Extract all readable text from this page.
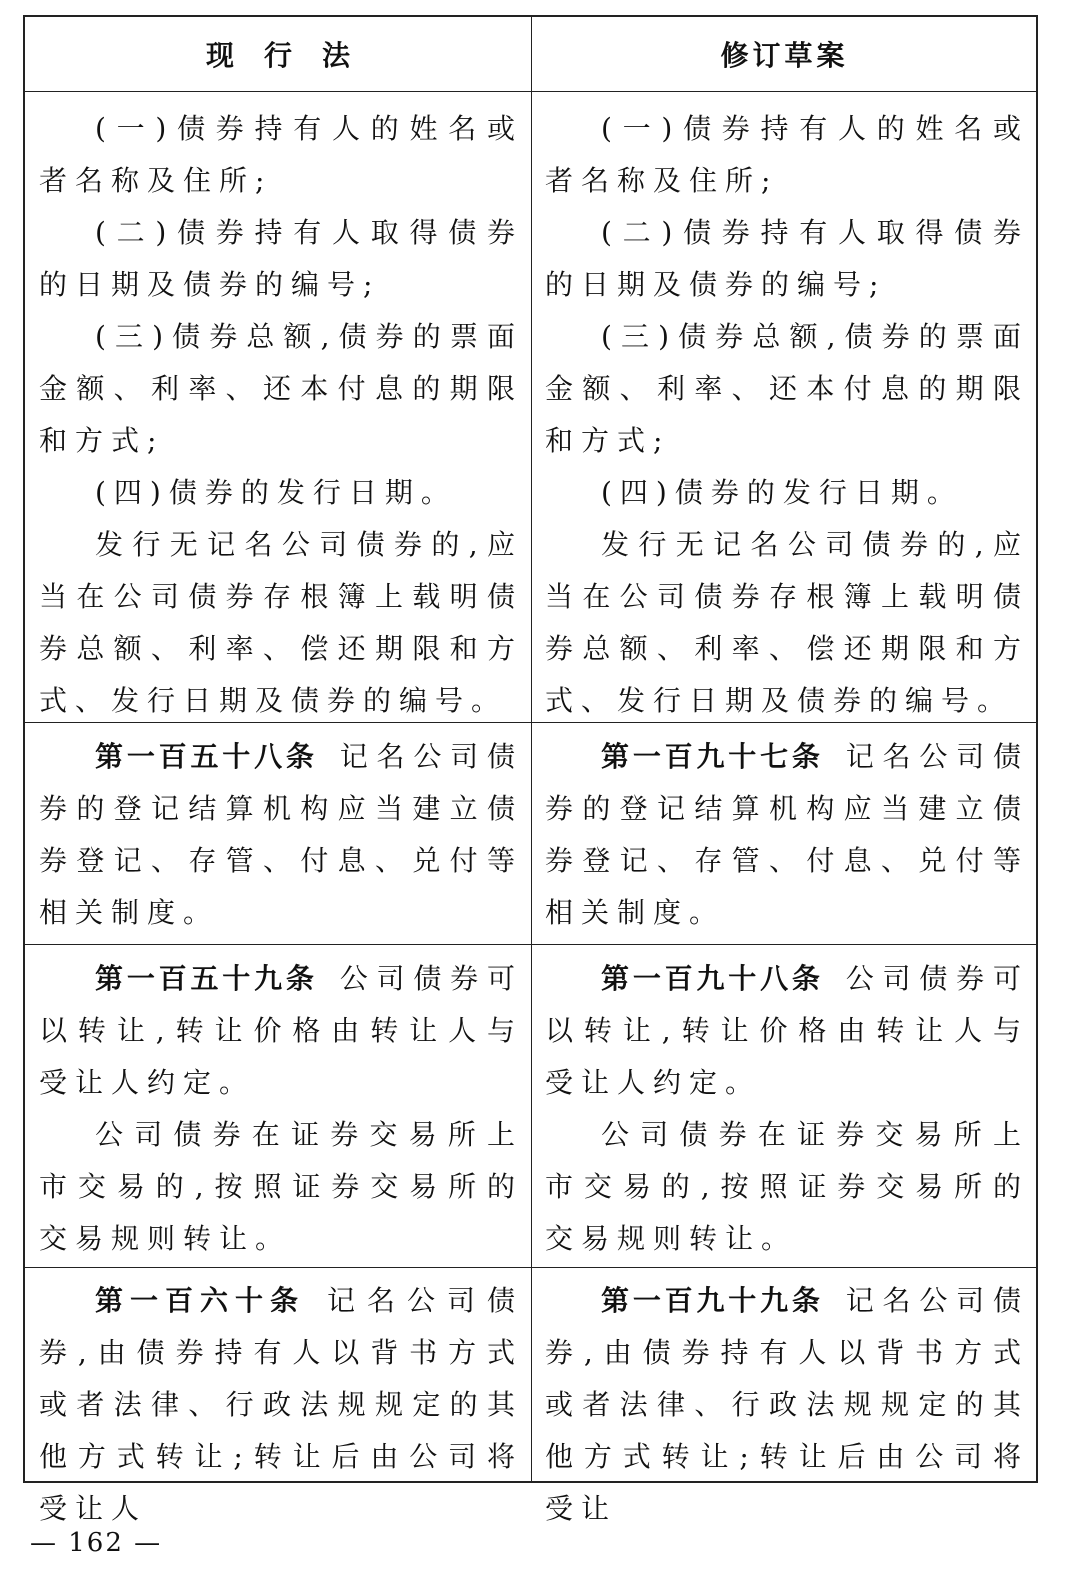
现行法	修订草案

(一)债券持有人的姓名或者名称及住所;

(二)债券持有人取得债券的日期及债券的编号;

(三)债券总额,债券的票面金额、利率、还本付息的期限和方式;

(四)债券的发行日期。

发行无记名公司债券的,应当在公司债券存根簿上载明债券总额、利率、偿还期限和方式、发行日期及债券的编号。

(一)债券持有人的姓名或者名称及住所;

(二)债券持有人取得债券的日期及债券的编号;

(三)债券总额,债券的票面金额、利率、还本付息的期限和方式;

(四)债券的发行日期。

发行无记名公司债券的,应当在公司债券存根簿上载明债券总额、利率、偿还期限和方式、发行日期及债券的编号。

第一百五十八条 记名公司债券的登记结算机构应当建立债券登记、存管、付息、兑付等相关制度。

第一百九十七条 记名公司债券的登记结算机构应当建立债券登记、存管、付息、兑付等相关制度。

第一百五十九条 公司债券可以转让,转让价格由转让人与受让人约定。

公司债券在证券交易所上市交易的,按照证券交易所的交易规则转让。

第一百九十八条 公司债券可以转让,转让价格由转让人与受让人约定。

公司债券在证券交易所上市交易的,按照证券交易所的交易规则转让。

第一百六十条 记名公司债券,由债券持有人以背书方式或者法律、行政法规规定的其他方式转让;转让后由公司将受让人

第一百九十九条 记名公司债券,由债券持有人以背书方式或者法律、行政法规规定的其他方式转让;转让后由公司将受让

— 162 —
